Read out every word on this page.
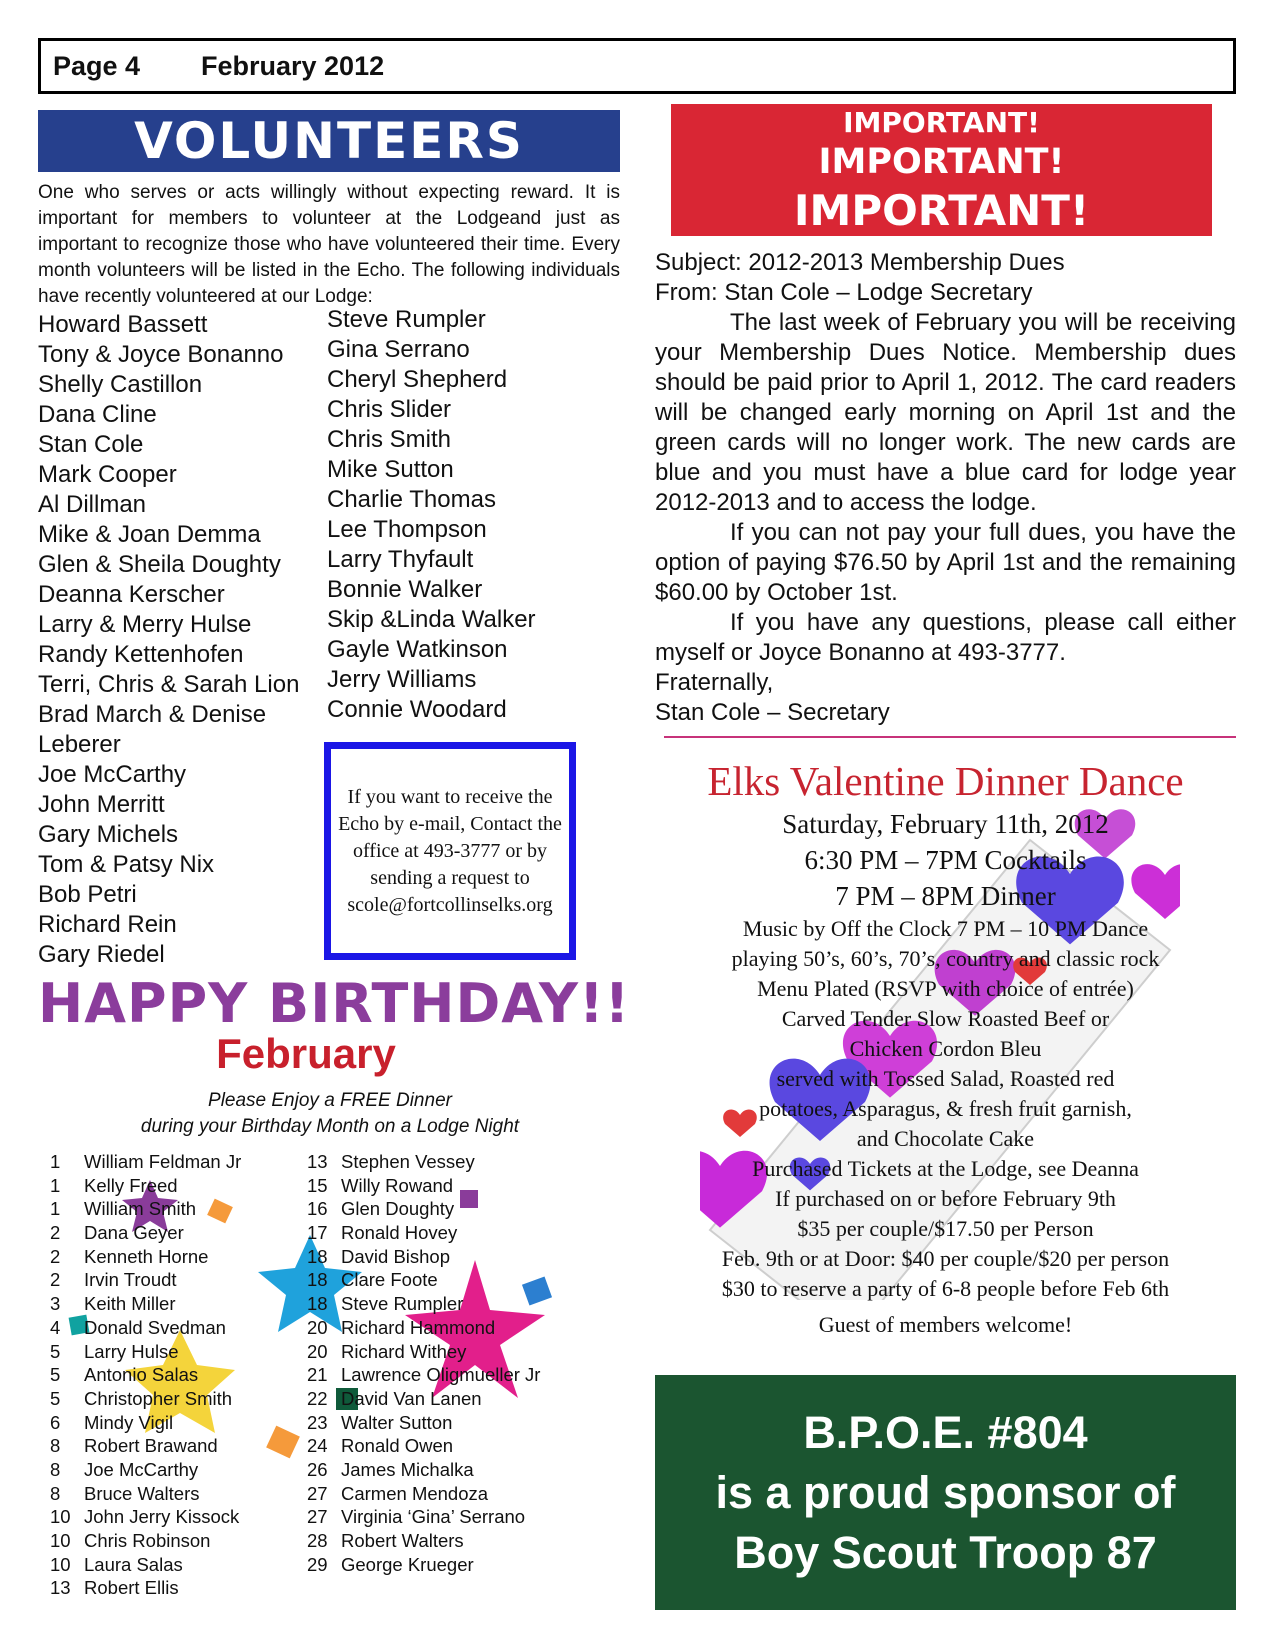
Page 4 February 2012
VOLUNTEERS
One who serves or acts willingly without expecting reward. It is important for members to volunteer at the Lodgeand just as important to recognize those who have volunteered their time. Every month volunteers will be listed in the Echo. The following individuals have recently volunteered at our Lodge:
Howard Bassett
Tony & Joyce Bonanno
Shelly Castillon
Dana Cline
Stan Cole
Mark Cooper
Al Dillman
Mike & Joan Demma
Glen & Sheila Doughty
Deanna Kerscher
Larry & Merry Hulse
Randy Kettenhofen
Terri, Chris & Sarah Lion
Brad March & Denise
Leberer
Joe McCarthy
John Merritt
Gary Michels
Tom & Patsy Nix
Bob Petri
Richard Rein
Gary Riedel
Steve Rumpler
Gina Serrano
Cheryl Shepherd
Chris Slider
Chris Smith
Mike Sutton
Charlie Thomas
Lee Thompson
Larry Thyfault
Bonnie Walker
Skip &Linda Walker
Gayle Watkinson
Jerry Williams
Connie Woodard
If you want to receive the Echo by e-mail, Contact the office at 493-3777 or by sending a request to scole@fortcollinselks.org
HAPPY BIRTHDAY!!
February
Please Enjoy a FREE Dinner
during your Birthday Month on a Lodge Night
1 William Feldman Jr
1 Kelly Freed
1 William Smith
2 Dana Geyer
2 Kenneth Horne
2 Irvin Troudt
3 Keith Miller
4 Donald Svedman
5 Larry Hulse
5 Antonio Salas
5 Christopher Smith
6 Mindy Vigil
8 Robert Brawand
8 Joe McCarthy
8 Bruce Walters
10 John Jerry Kissock
10 Chris Robinson
10 Laura Salas
13 Robert Ellis
13 Stephen Vessey
15 Willy Rowand
16 Glen Doughty
17 Ronald Hovey
18 David Bishop
18 Clare Foote
18 Steve Rumpler
20 Richard Hammond
20 Richard Withey
21 Lawrence Oligmueller Jr
22 David Van Lanen
23 Walter Sutton
24 Ronald Owen
26 James Michalka
27 Carmen Mendoza
27 Virginia ‘Gina’ Serrano
28 Robert Walters
29 George Krueger
IMPORTANT!
IMPORTANT!
IMPORTANT!

Subject: 2012-2013 Membership Dues

From: Stan Cole – Lodge Secretary

The last week of February you will be receiving your Membership Dues Notice. Membership dues should be paid prior to April 1, 2012. The card readers will be changed early morning on April 1st and the green cards will no longer work. The new cards are blue and you must have a blue card for lodge year 2012-2013 and to access the lodge.

If you can not pay your full dues, you have the option of paying $76.50 by April 1st and the remaining $60.00 by October 1st.

If you have any questions, please call either myself or Joyce Bonanno at 493-3777.

Fraternally,

Stan Cole – Secretary

Elks Valentine Dinner Dance
Saturday, February 11th, 2012
6:30 PM – 7PM Cocktails
7 PM – 8PM Dinner
Music by Off the Clock 7 PM – 10 PM Dance
playing 50’s, 60’s, 70’s, country and classic rock
Menu Plated (RSVP with choice of entrée)
Carved Tender Slow Roasted Beef or
Chicken Cordon Bleu
served with Tossed Salad, Roasted red
potatoes, Asparagus, & fresh fruit garnish,
and Chocolate Cake
Purchased Tickets at the Lodge, see Deanna
If purchased on or before February 9th
$35 per couple/$17.50 per Person
Feb. 9th or at Door: $40 per couple/$20 per person
$30 to reserve a party of 6-8 people before Feb 6th
Guest of members welcome!
B.P.O.E. #804
is a proud sponsor of
Boy Scout Troop 87
